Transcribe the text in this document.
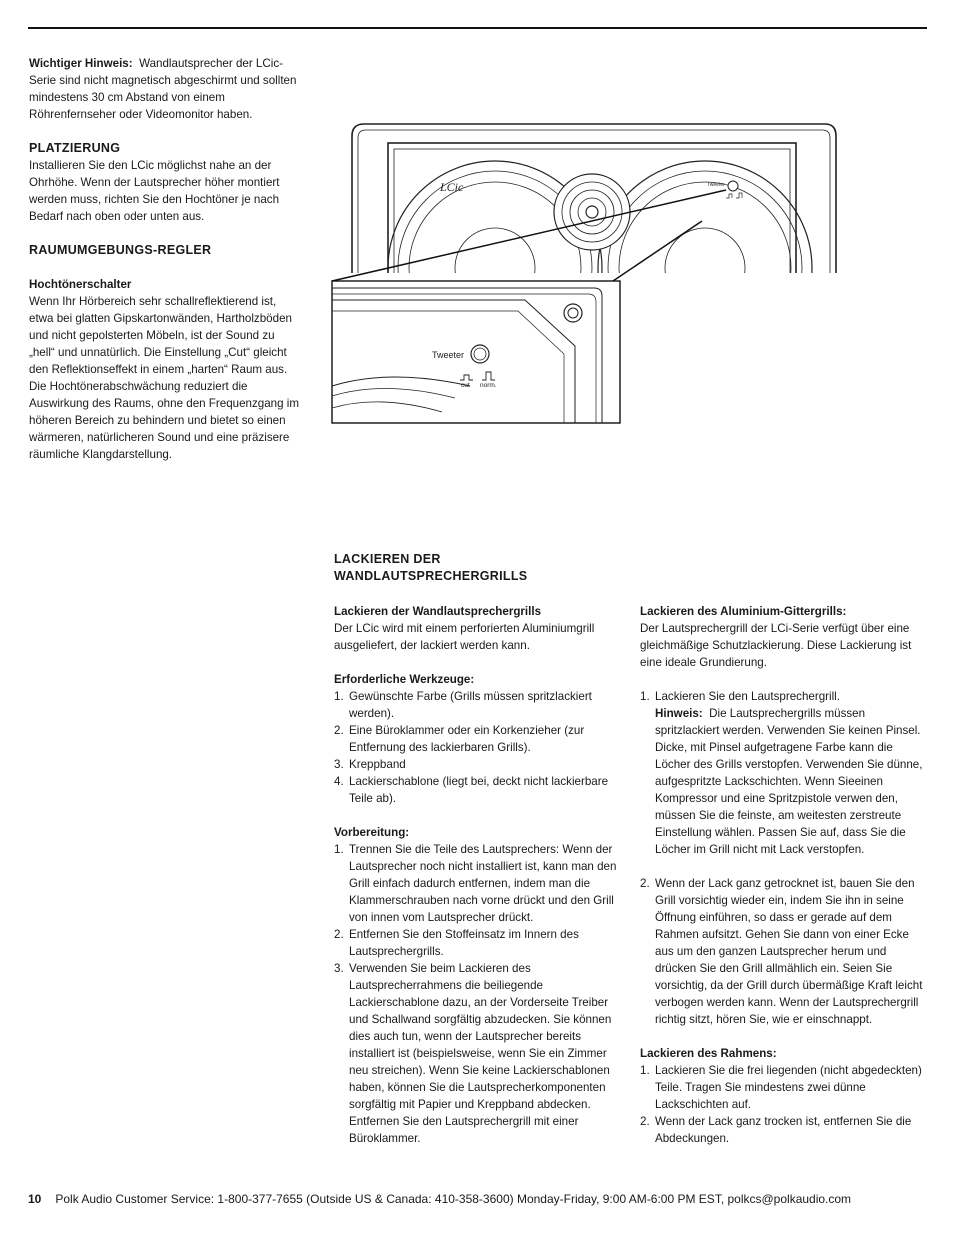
Wichtiger Hinweis: Wandlautsprecher der LCic-Serie sind nicht magnetisch abgeschirmt und sollten mindestens 30 cm Abstand von einem Röhrenfernseher oder Videomonitor haben.

PLATZIERUNG

Installieren Sie den LCic möglichst nahe an der Ohrhöhe. Wenn der Lautsprecher höher montiert werden muss, richten Sie den Hochtöner je nach Bedarf nach oben oder unten aus.

RAUMUMGEBUNGS-REGLER

Hochtönerschalter

Wenn Ihr Hörbereich sehr schallreflektierend ist, etwa bei glatten Gipskartonwänden, Hartholzböden und nicht gepolsterten Möbeln, ist der Sound zu „hell“ und unnatürlich. Die Einstellung „Cut“ gleicht den Reflektionseffekt in einem „harten“ Raum aus. Die Hochtönerabschwächung reduziert die Auswirkung des Raums, ohne den Frequenzgang im höheren Bereich zu behindern und bietet so einen wärmeren, natürlicheren Sound und eine präzisere räumliche Klangdarstellung.

LCic	Tweeter
Tweeter
cut norm.

LACKIEREN DER

WANDLAUTSPRECHERGRILLS

Lackieren der Wandlautsprechergrills

Der LCic wird mit einem perforierten Aluminiumgrill ausgeliefert, der lackiert werden kann.

Erforderliche Werkzeuge:

1. Gewünschte Farbe (Grills müssen spritzlackiert werden).
2. Eine Büroklammer oder ein Korkenzieher (zur Entfernung des lackierbaren Grills).
3. Kreppband
4. Lackierschablone (liegt bei, deckt nicht lackierbare Teile ab).

Vorbereitung:

1. Trennen Sie die Teile des Lautsprechers: Wenn der Lautsprecher noch nicht installiert ist, kann man den Grill einfach dadurch entfernen, indem man die Klammerschrauben nach vorne drückt und den Grill von innen vom Lautsprecher drückt.
2. Entfernen Sie den Stoffeinsatz im Innern des Lautsprechergrills.
3. Verwenden Sie beim Lackieren des Lautsprecherrahmens die beiliegende Lackierschablone dazu, an der Vorderseite Treiber und Schallwand sorgfältig abzudecken. Sie können dies auch tun, wenn der Lautsprecher bereits installiert ist (beispielsweise, wenn Sie ein Zimmer neu streichen). Wenn Sie keine Lackierschablonen haben, können Sie die Lautsprecherkomponenten sorgfältig mit Papier und Kreppband abdecken. Entfernen Sie den Lautsprechergrill mit einer Büroklammer.

Lackieren des Aluminium-Gittergrills:

Der Lautsprechergrill der LCi-Serie verfügt über eine gleichmäßige Schutzlackierung. Diese Lackierung ist eine ideale Grundierung.

1. Lackieren Sie den Lautsprechergrill.
Hinweis: Die Lautsprechergrills müssen spritzlackiert werden. Verwenden Sie keinen Pinsel. Dicke, mit Pinsel aufgetragene Farbe kann die Löcher des Grills verstopfen. Verwenden Sie dünne, aufgespritzte Lackschichten. Wenn Sieeinen Kompressor und eine Spritzpistole verwen den, müssen Sie die feinste, am weitesten zerstreute Einstellung wählen. Passen Sie auf, dass Sie die Löcher im Grill nicht mit Lack verstopfen.
2. Wenn der Lack ganz getrocknet ist, bauen Sie den Grill vorsichtig wieder ein, indem Sie ihn in seine Öffnung einführen, so dass er gerade auf dem Rahmen aufsitzt. Gehen Sie dann von einer Ecke aus um den ganzen Lautsprecher herum und drücken Sie den Grill allmählich ein. Seien Sie vorsichtig, da der Grill durch übermäßige Kraft leicht verbogen werden kann. Wenn der Lautsprechergrill richtig sitzt, hören Sie, wie er einschnappt.

Lackieren des Rahmens:

1. Lackieren Sie die frei liegenden (nicht abgedeckten) Teile. Tragen Sie mindestens zwei dünne Lackschichten auf.
2. Wenn der Lack ganz trocken ist, entfernen Sie die Abdeckungen.
10 Polk Audio Customer Service: 1-800-377-7655 (Outside US & Canada: 410-358-3600) Monday-Friday, 9:00 AM-6:00 PM EST, polkcs@polkaudio.com
